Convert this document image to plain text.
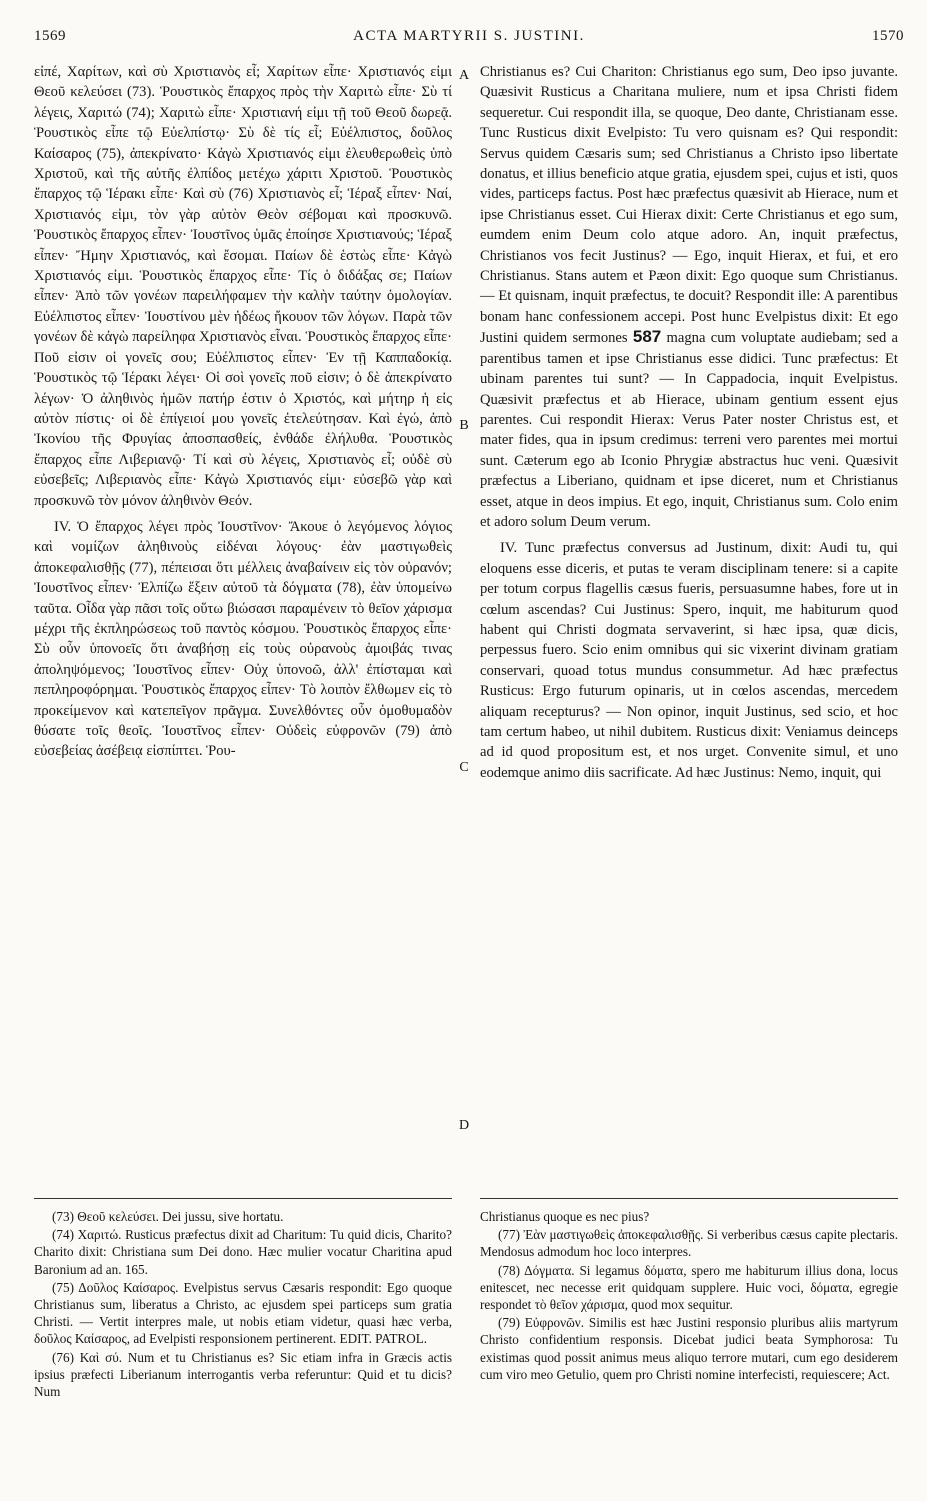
1569	ACTA MARTYRII S. JUSTINI.	1570

εἰπέ, Χαρίτων, καὶ σὺ Χριστιανὸς εἶ; Χαρίτων εἶπε· Χριστιανός εἰμι Θεοῦ κελεύσει (73). Ῥουστικὸς ἔπαρχος πρὸς τὴν Χαριτὼ εἶπε· Σὺ τί λέγεις, Χαριτώ (74); Χαριτὼ εἶπε· Χριστιανή εἰμι τῇ τοῦ Θεοῦ δωρεᾷ. Ῥουστικὸς εἶπε τῷ Εὐελπίστῳ· Σὺ δὲ τίς εἶ; Εὐέλπιστος, δοῦλος Καίσαρος (75), ἀπεκρίνατο· Κἀγὼ Χριστιανός εἰμι ἐλευθερωθεὶς ὑπὸ Χριστοῦ, καὶ τῆς αὐτῆς ἐλπίδος μετέχω χάριτι Χριστοῦ. Ῥουστικὸς ἔπαρχος τῷ Ἱέρακι εἶπε· Καὶ σὺ (76) Χριστιανὸς εἶ; Ἱέραξ εἶπεν· Ναί, Χριστιανός εἰμι, τὸν γὰρ αὐτὸν Θεὸν σέβομαι καὶ προσκυνῶ. Ῥουστικὸς ἔπαρχος εἶπεν· Ἰουστῖνος ὑμᾶς ἐποίησε Χριστιανούς; Ἱέραξ εἶπεν· Ἤμην Χριστιανός, καὶ ἔσομαι. Παίων δὲ ἑστὼς εἶπε· Κἀγὼ Χριστιανός εἰμι. Ῥουστικὸς ἔπαρχος εἶπε· Τίς ὁ διδάξας σε; Παίων εἶπεν· Ἀπὸ τῶν γονέων παρειλήφαμεν τὴν καλὴν ταύτην ὁμολογίαν. Εὐέλπιστος εἶπεν· Ἰουστίνου μὲν ἡδέως ἤκουον τῶν λόγων. Παρὰ τῶν γονέων δὲ κἀγὼ παρείληφα Χριστιανὸς εἶναι. Ῥουστικὸς ἔπαρχος εἶπε· Ποῦ εἰσιν οἱ γονεῖς σου; Εὐέλπιστος εἶπεν· Ἐν τῇ Καππαδοκίᾳ. Ῥουστικὸς τῷ Ἱέρακι λέγει· Οἱ σοὶ γονεῖς ποῦ εἰσιν; ὁ δὲ ἀπεκρίνατο λέγων· Ὁ ἀληθινὸς ἡμῶν πατήρ ἐστιν ὁ Χριστός, καὶ μήτηρ ἡ εἰς αὐτὸν πίστις· οἱ δὲ ἐπίγειοί μου γονεῖς ἐτελεύτησαν. Καὶ ἐγώ, ἀπὸ Ἰκονίου τῆς Φρυγίας ἀποσπασθείς, ἐνθάδε ἐλήλυθα. Ῥουστικὸς ἔπαρχος εἶπε Λιβεριανῷ· Τί καὶ σὺ λέγεις, Χριστιανὸς εἶ; οὐδὲ σὺ εὐσεβεῖς; Λιβεριανὸς εἶπε· Κἀγὼ Χριστιανός εἰμι· εὐσεβῶ γὰρ καὶ προσκυνῶ τὸν μόνον ἀληθινὸν Θεόν.

IV. Ὁ ἔπαρχος λέγει πρὸς Ἰουστῖνον· Ἄκουε ὁ λεγόμενος λόγιος καὶ νομίζων ἀληθινοὺς εἰδέναι λόγους· ἐὰν μαστιγωθεὶς ἀποκεφαλισθῇς (77), πέπεισαι ὅτι μέλλεις ἀναβαίνειν εἰς τὸν οὐρανόν; Ἰουστῖνος εἶπεν· Ἐλπίζω ἕξειν αὐτοῦ τὰ δόγματα (78), ἐὰν ὑπομείνω ταῦτα. Οἶδα γὰρ πᾶσι τοῖς οὕτω βιώσασι παραμένειν τὸ θεῖον χάρισμα μέχρι τῆς ἐκπληρώσεως τοῦ παντὸς κόσμου. Ῥουστικὸς ἔπαρχος εἶπε· Σὺ οὖν ὑπονοεῖς ὅτι ἀναβήσῃ εἰς τοὺς οὐρανοὺς ἀμοιβάς τινας ἀποληψόμενος; Ἰουστῖνος εἶπεν· Οὐχ ὑπονοῶ, ἀλλ' ἐπίσταμαι καὶ πεπληροφόρημαι. Ῥουστικὸς ἔπαρχος εἶπεν· Τὸ λοιπὸν ἔλθωμεν εἰς τὸ προκείμενον καὶ κατεπεῖγον πρᾶγμα. Συνελθόντες οὖν ὁμοθυμαδὸν θύσατε τοῖς θεοῖς. Ἰουστῖνος εἶπεν· Οὐδεὶς εὐφρονῶν (79) ἀπὸ εὐσεβείας ἀσέβειᾳ εἰσπίπτει. Ῥου-

A
B
C
D

Christianus es? Cui Chariton: Christianus ego sum, Deo ipso juvante. Quæsivit Rusticus a Charitana muliere, num et ipsa Christi fidem sequeretur. Cui respondit illa, se quoque, Deo dante, Christianam esse. Tunc Rusticus dixit Evelpisto: Tu vero quisnam es? Qui respondit: Servus quidem Cæsaris sum; sed Christianus a Christo ipso libertate donatus, et illius beneficio atque gratia, ejusdem spei, cujus et isti, quos vides, particeps factus. Post hæc præfectus quæsivit ab Hierace, num et ipse Christianus esset. Cui Hierax dixit: Certe Christianus et ego sum, eumdem enim Deum colo atque adoro. An, inquit præfectus, Christianos vos fecit Justinus? — Ego, inquit Hierax, et fui, et ero Christianus. Stans autem et Pæon dixit: Ego quoque sum Christianus. — Et quisnam, inquit præfectus, te docuit? Respondit ille: A parentibus bonam hanc confessionem accepi. Post hunc Evelpistus dixit: Et ego Justini quidem sermones 587 magna cum voluptate audiebam; sed a parentibus tamen et ipse Christianus esse didici. Tunc præfectus: Et ubinam parentes tui sunt? — In Cappadocia, inquit Evelpistus. Quæsivit præfectus et ab Hierace, ubinam gentium essent ejus parentes. Cui respondit Hierax: Verus Pater noster Christus est, et mater fides, qua in ipsum credimus: terreni vero parentes mei mortui sunt. Cæterum ego ab Iconio Phrygiæ abstractus huc veni. Quæsivit præfectus a Liberiano, quidnam et ipse diceret, num et Christianus esset, atque in deos impius. Et ego, inquit, Christianus sum. Colo enim et adoro solum Deum verum.

IV. Tunc præfectus conversus ad Justinum, dixit: Audi tu, qui eloquens esse diceris, et putas te veram disciplinam tenere: si a capite per totum corpus flagellis cæsus fueris, persuasumne habes, fore ut in cœlum ascendas? Cui Justinus: Spero, inquit, me habiturum quod habent qui Christi dogmata servaverint, si hæc ipsa, quæ dicis, perpessus fuero. Scio enim omnibus qui sic vixerint divinam gratiam conservari, quoad totus mundus consummetur. Ad hæc præfectus Rusticus: Ergo futurum opinaris, ut in cœlos ascendas, mercedem aliquam recepturus? — Non opinor, inquit Justinus, sed scio, et hoc tam certum habeo, ut nihil dubitem. Rusticus dixit: Veniamus deinceps ad id quod propositum est, et nos urget. Convenite simul, et uno eodemque animo diis sacrificate. Ad hæc Justinus: Nemo, inquit, qui

(73) Θεοῦ κελεύσει. Dei jussu, sive hortatu.

(74) Χαριτώ. Rusticus præfectus dixit ad Charitum: Tu quid dicis, Charito? Charito dixit: Christiana sum Dei dono. Hæc mulier vocatur Charitina apud Baronium ad an. 165.

(75) Δοῦλος Καίσαρος. Evelpistus servus Cæsaris respondit: Ego quoque Christianus sum, liberatus a Christo, ac ejusdem spei particeps sum gratia Christi. — Vertit interpres male, ut nobis etiam videtur, quasi hæc verba, δοῦλος Καίσαρος, ad Evelpisti responsionem pertinerent. EDIT. PATROL.

(76) Καὶ σύ. Num et tu Christianus es? Sic etiam infra in Græcis actis ipsius præfecti Liberianum interrogantis verba referuntur: Quid et tu dicis? Num

Christianus quoque es nec pius?

(77) Ἐὰν μαστιγωθεὶς ἀποκεφαλισθῇς. Si verberibus cæsus capite plectaris. Mendosus admodum hoc loco interpres.

(78) Δόγματα. Si legamus δόματα, spero me habiturum illius dona, locus enitescet, nec necesse erit quidquam supplere. Huic voci, δόματα, egregie respondet τὸ θεῖον χάρισμα, quod mox sequitur.

(79) Εὐφρονῶν. Similis est hæc Justini responsio pluribus aliis martyrum Christo confidentium responsis. Dicebat judici beata Symphorosa: Tu existimas quod possit animus meus aliquo terrore mutari, cum ego desiderem cum viro meo Getulio, quem pro Christi nomine interfecisti, requiescere; Act.
